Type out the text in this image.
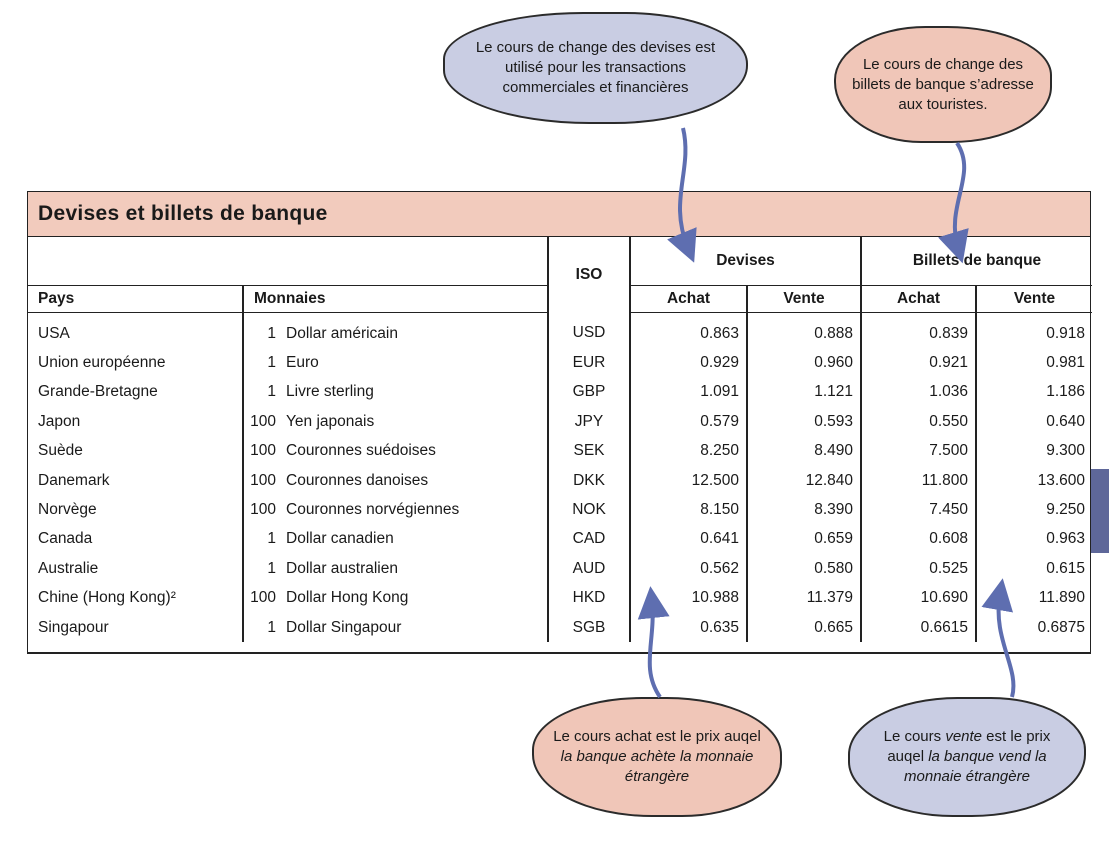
Le cours de change des devises est utilisé pour les transactions commerciales et financières
Le cours de change des billets de banque s’adresse aux touristes.
Le cours achat est le prix auqel la banque achète la monnaie étrangère
Le cours vente est le prix auqel la banque vend la monnaie étrangère
Devises et billets de banque
		ISO	Devises		Billets de banque	
Pays	Monnaies		Achat	Vente	Achat	Vente
USA	1 Dollar américain	USD	0.863	0.888	0.839	0.918
Union européenne	1 Euro	EUR	0.929	0.960	0.921	0.981
Grande-Bretagne	1 Livre sterling	GBP	1.091	1.121	1.036	1.186
Japon	100 Yen japonais	JPY	0.579	0.593	0.550	0.640
Suède	100 Couronnes suédoises	SEK	8.250	8.490	7.500	9.300
Danemark	100 Couronnes danoises	DKK	12.500	12.840	11.800	13.600
Norvège	100 Couronnes norvégiennes	NOK	8.150	8.390	7.450	9.250
Canada	1 Dollar canadien	CAD	0.641	0.659	0.608	0.963
Australie	1 Dollar australien	AUD	0.562	0.580	0.525	0.615
Chine (Hong Kong)²	100 Dollar Hong Kong	HKD	10.988	11.379	10.690	11.890
Singapour	1 Dollar Singapour	SGB	0.635	0.665	0.6615	0.6875
